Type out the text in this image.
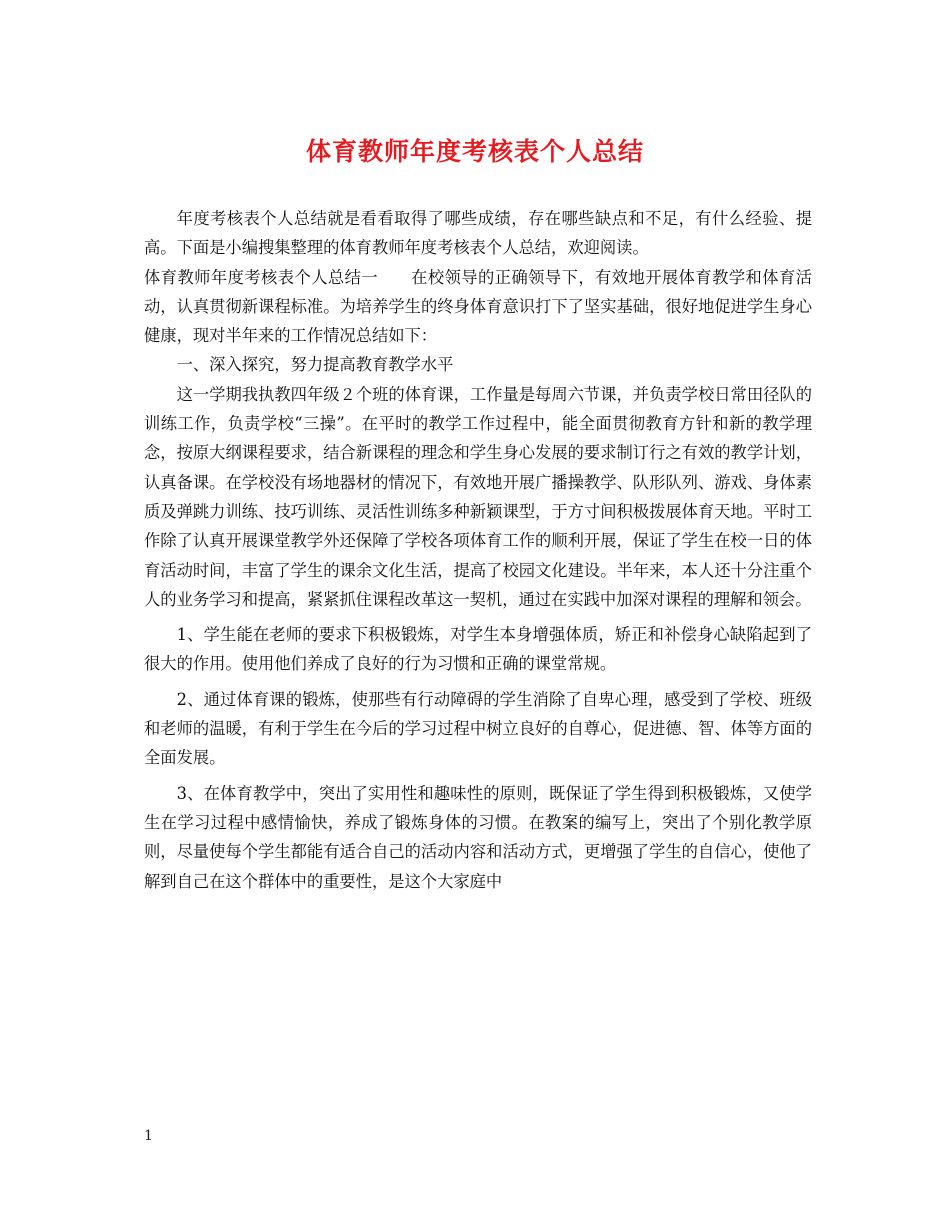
体育教师年度考核表个人总结

年度考核表个人总结就是看看取得了哪些成绩，存在哪些缺点和不足，有什么经验、提高。下面是小编搜集整理的体育教师年度考核表个人总结，欢迎阅读。

体育教师年度考核表个人总结一 在校领导的正确领导下，有效地开展体育教学和体育活动，认真贯彻新课程标准。为培养学生的终身体育意识打下了坚实基础，很好地促进学生身心健康，现对半年来的工作情况总结如下：

一、深入探究，努力提高教育教学水平

这一学期我执教四年级２个班的体育课，工作量是每周六节课，并负责学校日常田径队的训练工作，负责学校“三操”。在平时的教学工作过程中，能全面贯彻教育方针和新的教学理念，按原大纲课程要求，结合新课程的理念和学生身心发展的要求制订行之有效的教学计划，认真备课。在学校没有场地器材的情况下，有效地开展广播操教学、队形队列、游戏、身体素质及弹跳力训练、技巧训练、灵活性训练多种新颖课型，于方寸间积极拨展体育天地。平时工作除了认真开展课堂教学外还保障了学校各项体育工作的顺利开展，保证了学生在校一日的体育活动时间，丰富了学生的课余文化生活，提高了校园文化建设。半年来，本人还十分注重个人的业务学习和提高，紧紧抓住课程改革这一契机，通过在实践中加深对课程的理解和领会。

1、学生能在老师的要求下积极锻炼，对学生本身增强体质，矫正和补偿身心缺陷起到了很大的作用。使用他们养成了良好的行为习惯和正确的课堂常规。

2、通过体育课的锻炼，使那些有行动障碍的学生消除了自卑心理，感受到了学校、班级和老师的温暖，有利于学生在今后的学习过程中树立良好的自尊心，促进德、智、体等方面的全面发展。

3、在体育教学中，突出了实用性和趣味性的原则，既保证了学生得到积极锻炼，又使学生在学习过程中感情愉快，养成了锻炼身体的习惯。在教案的编写上，突出了个别化教学原则，尽量使每个学生都能有适合自己的活动内容和活动方式，更增强了学生的自信心，使他了解到自己在这个群体中的重要性，是这个大家庭中

1
